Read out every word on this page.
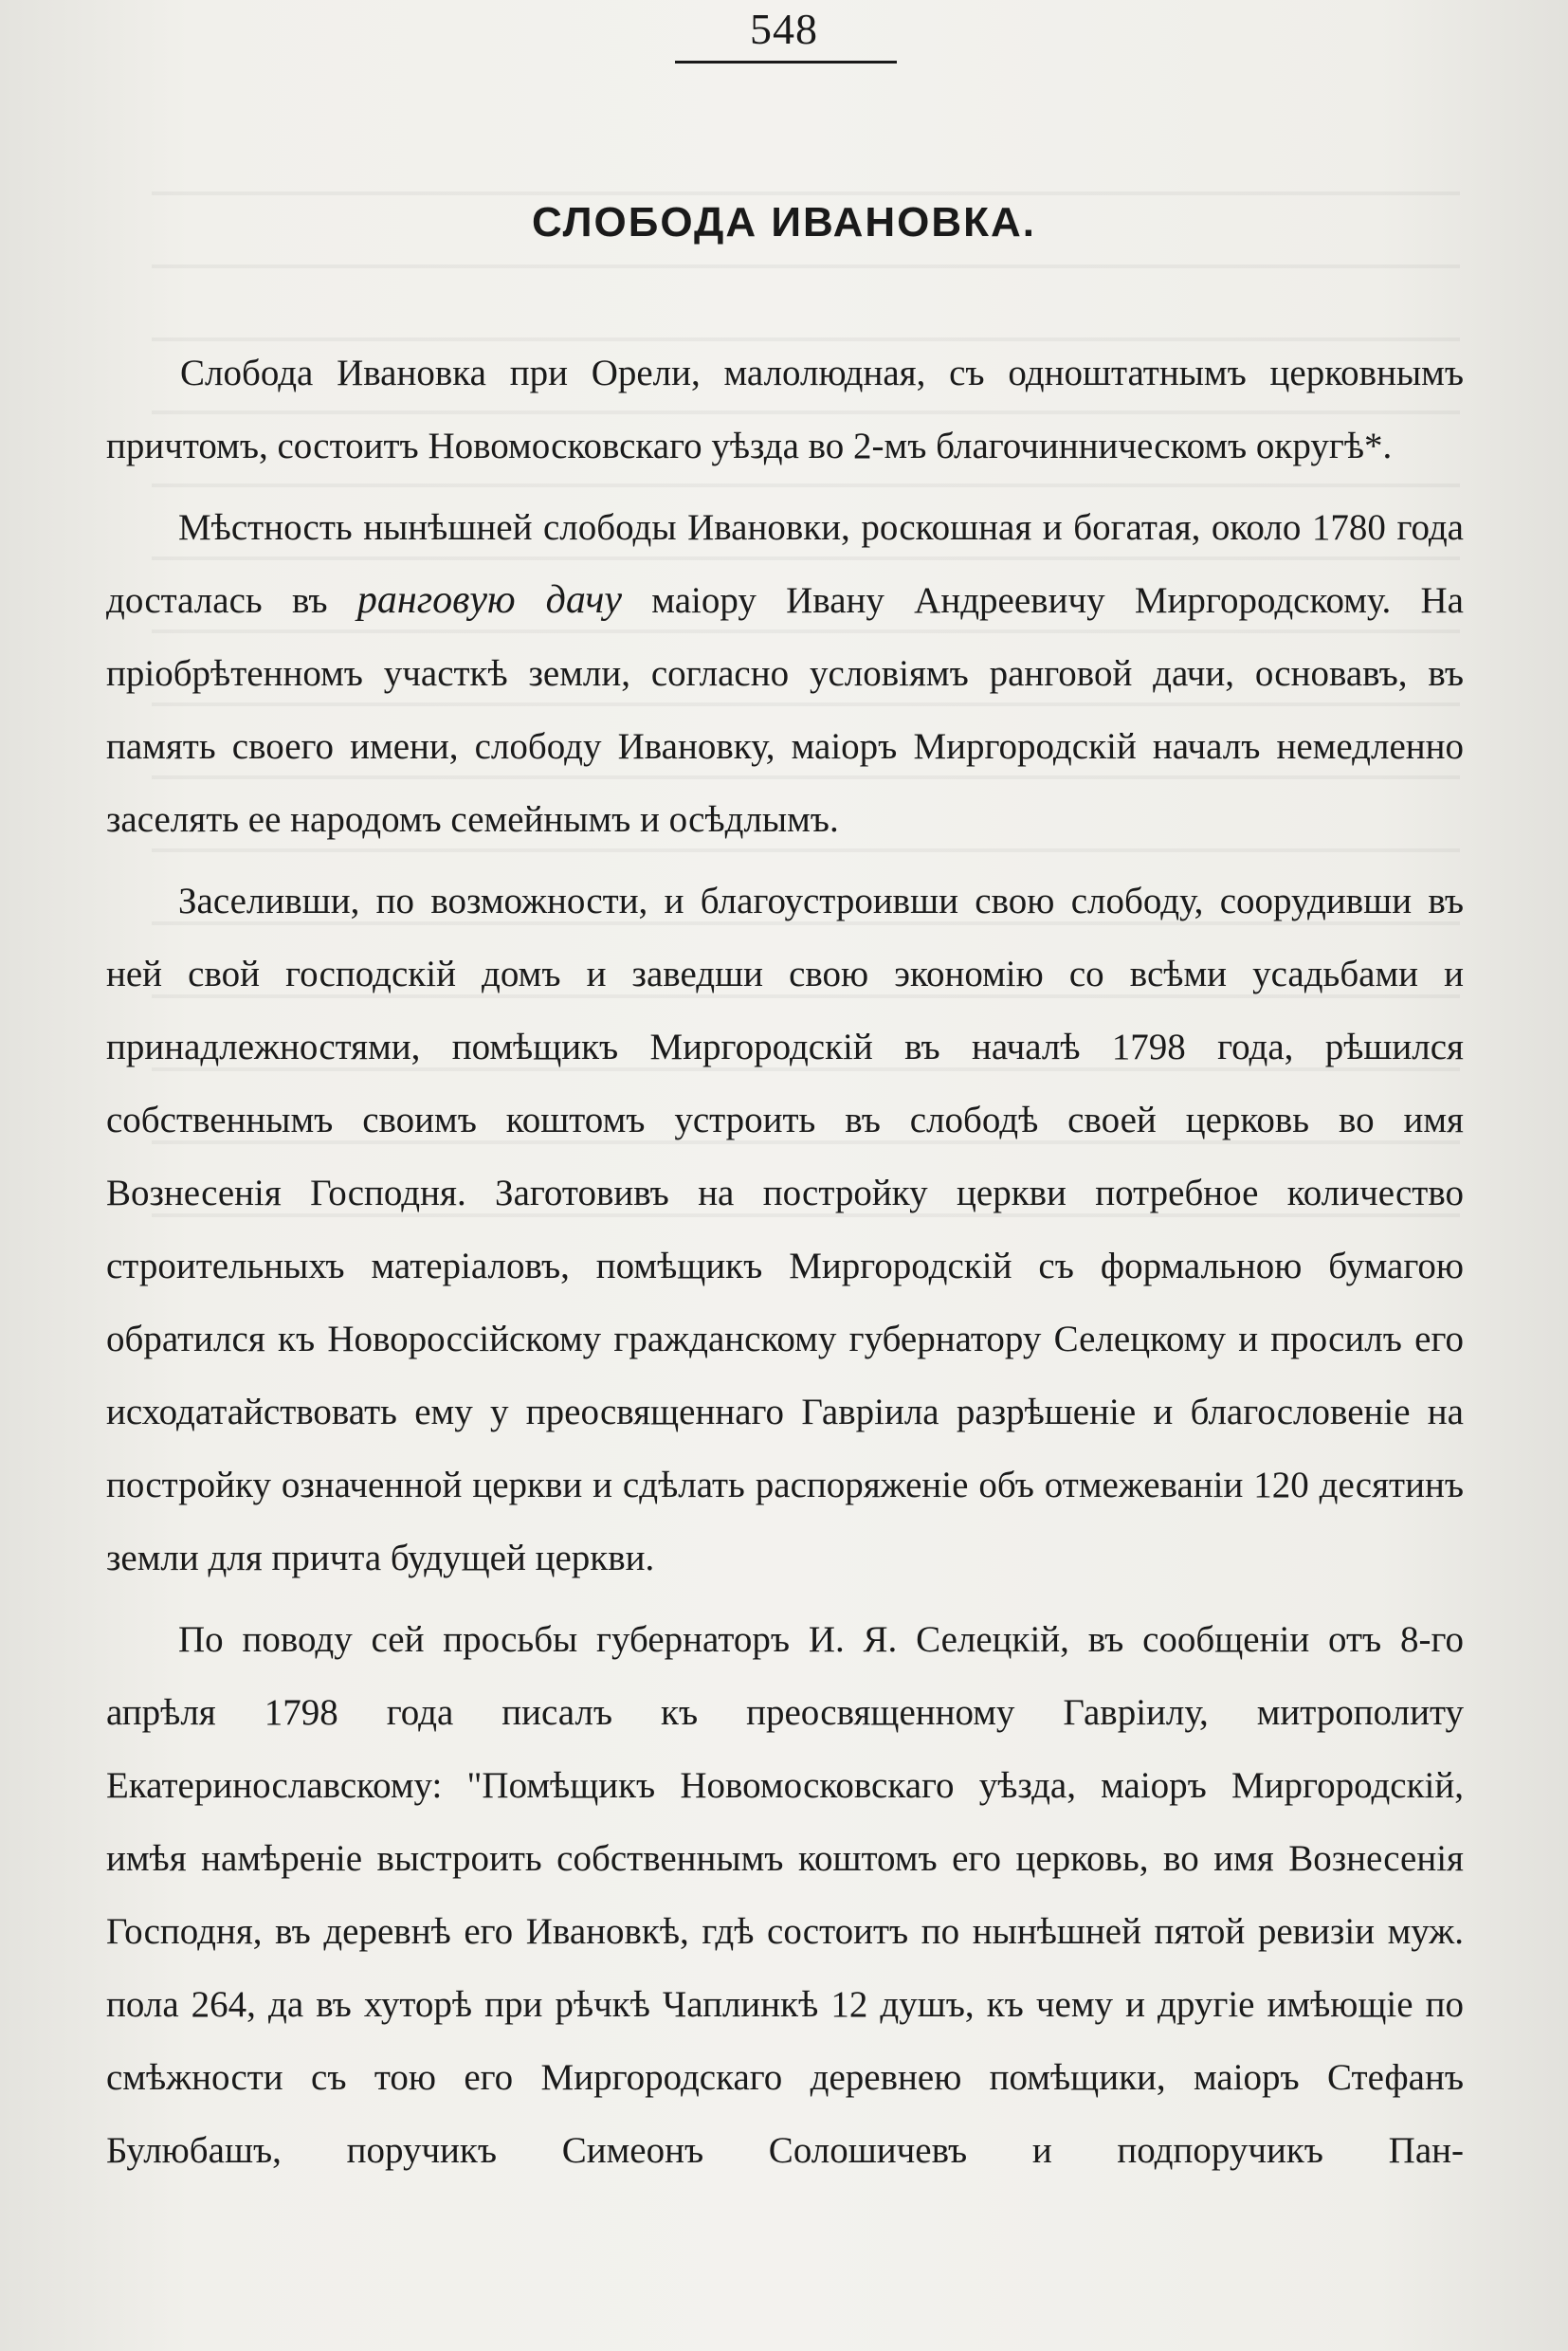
548
СЛОБОДА ИВАНОВКА.

Слобода Ивановка при Орели, малолюдная, съ одноштатнымъ церковнымъ причтомъ, состоитъ Новомосковскаго уѣзда во 2-мъ благочинническомъ округѣ*.

Мѣстность нынѣшней слободы Ивановки, роскошная и богатая, около 1780 года досталась въ ранговую дачу маіору Ивану Андреевичу Миргородскому. На пріобрѣтенномъ участкѣ земли, согласно условіямъ ранговой дачи, основавъ, въ память своего имени, слободу Ивановку, маіоръ Миргородскій началъ немедленно заселять ее народомъ семейнымъ и осѣдлымъ.

Заселивши, по возможности, и благоустроивши свою слободу, соорудивши въ ней свой господскій домъ и заведши свою экономію со всѣми усадьбами и принадлежностями, помѣщикъ Миргородскій въ началѣ 1798 года, рѣшился собственнымъ своимъ коштомъ устроить въ слободѣ своей церковь во имя Вознесенія Господня. Заготовивъ на постройку церкви потребное количество строительныхъ матеріаловъ, помѣщикъ Миргородскій съ формальною бумагою обратился къ Новороссійскому гражданскому губернатору Селецкому и просилъ его исходатайствовать ему у преосвященнаго Гавріила разрѣшеніе и благословеніе на постройку означенной церкви и сдѣлать распоряженіе объ отмежеваніи 120 десятинъ земли для причта будущей церкви.

По поводу сей просьбы губернаторъ И. Я. Селецкій, въ сообщеніи отъ 8-го апрѣля 1798 года писалъ къ преосвященному Гавріилу, митрополиту Екатеринославскому: "Помѣщикъ Новомосковскаго уѣзда, маіоръ Миргородскій, имѣя намѣреніе выстроить собственнымъ коштомъ его церковь, во имя Вознесенія Господня, въ деревнѣ его Ивановкѣ, гдѣ состоитъ по нынѣшней пятой ревизіи муж. пола 264, да въ хуторѣ при рѣчкѣ Чаплинкѣ 12 душъ, къ чему и другіе имѣющіе по смѣжности съ тою его Миргородскаго деревнею помѣщики, маіоръ Стефанъ Булюбашъ, поручикъ Симеонъ Солошичевъ и подпоручикъ Пан-
